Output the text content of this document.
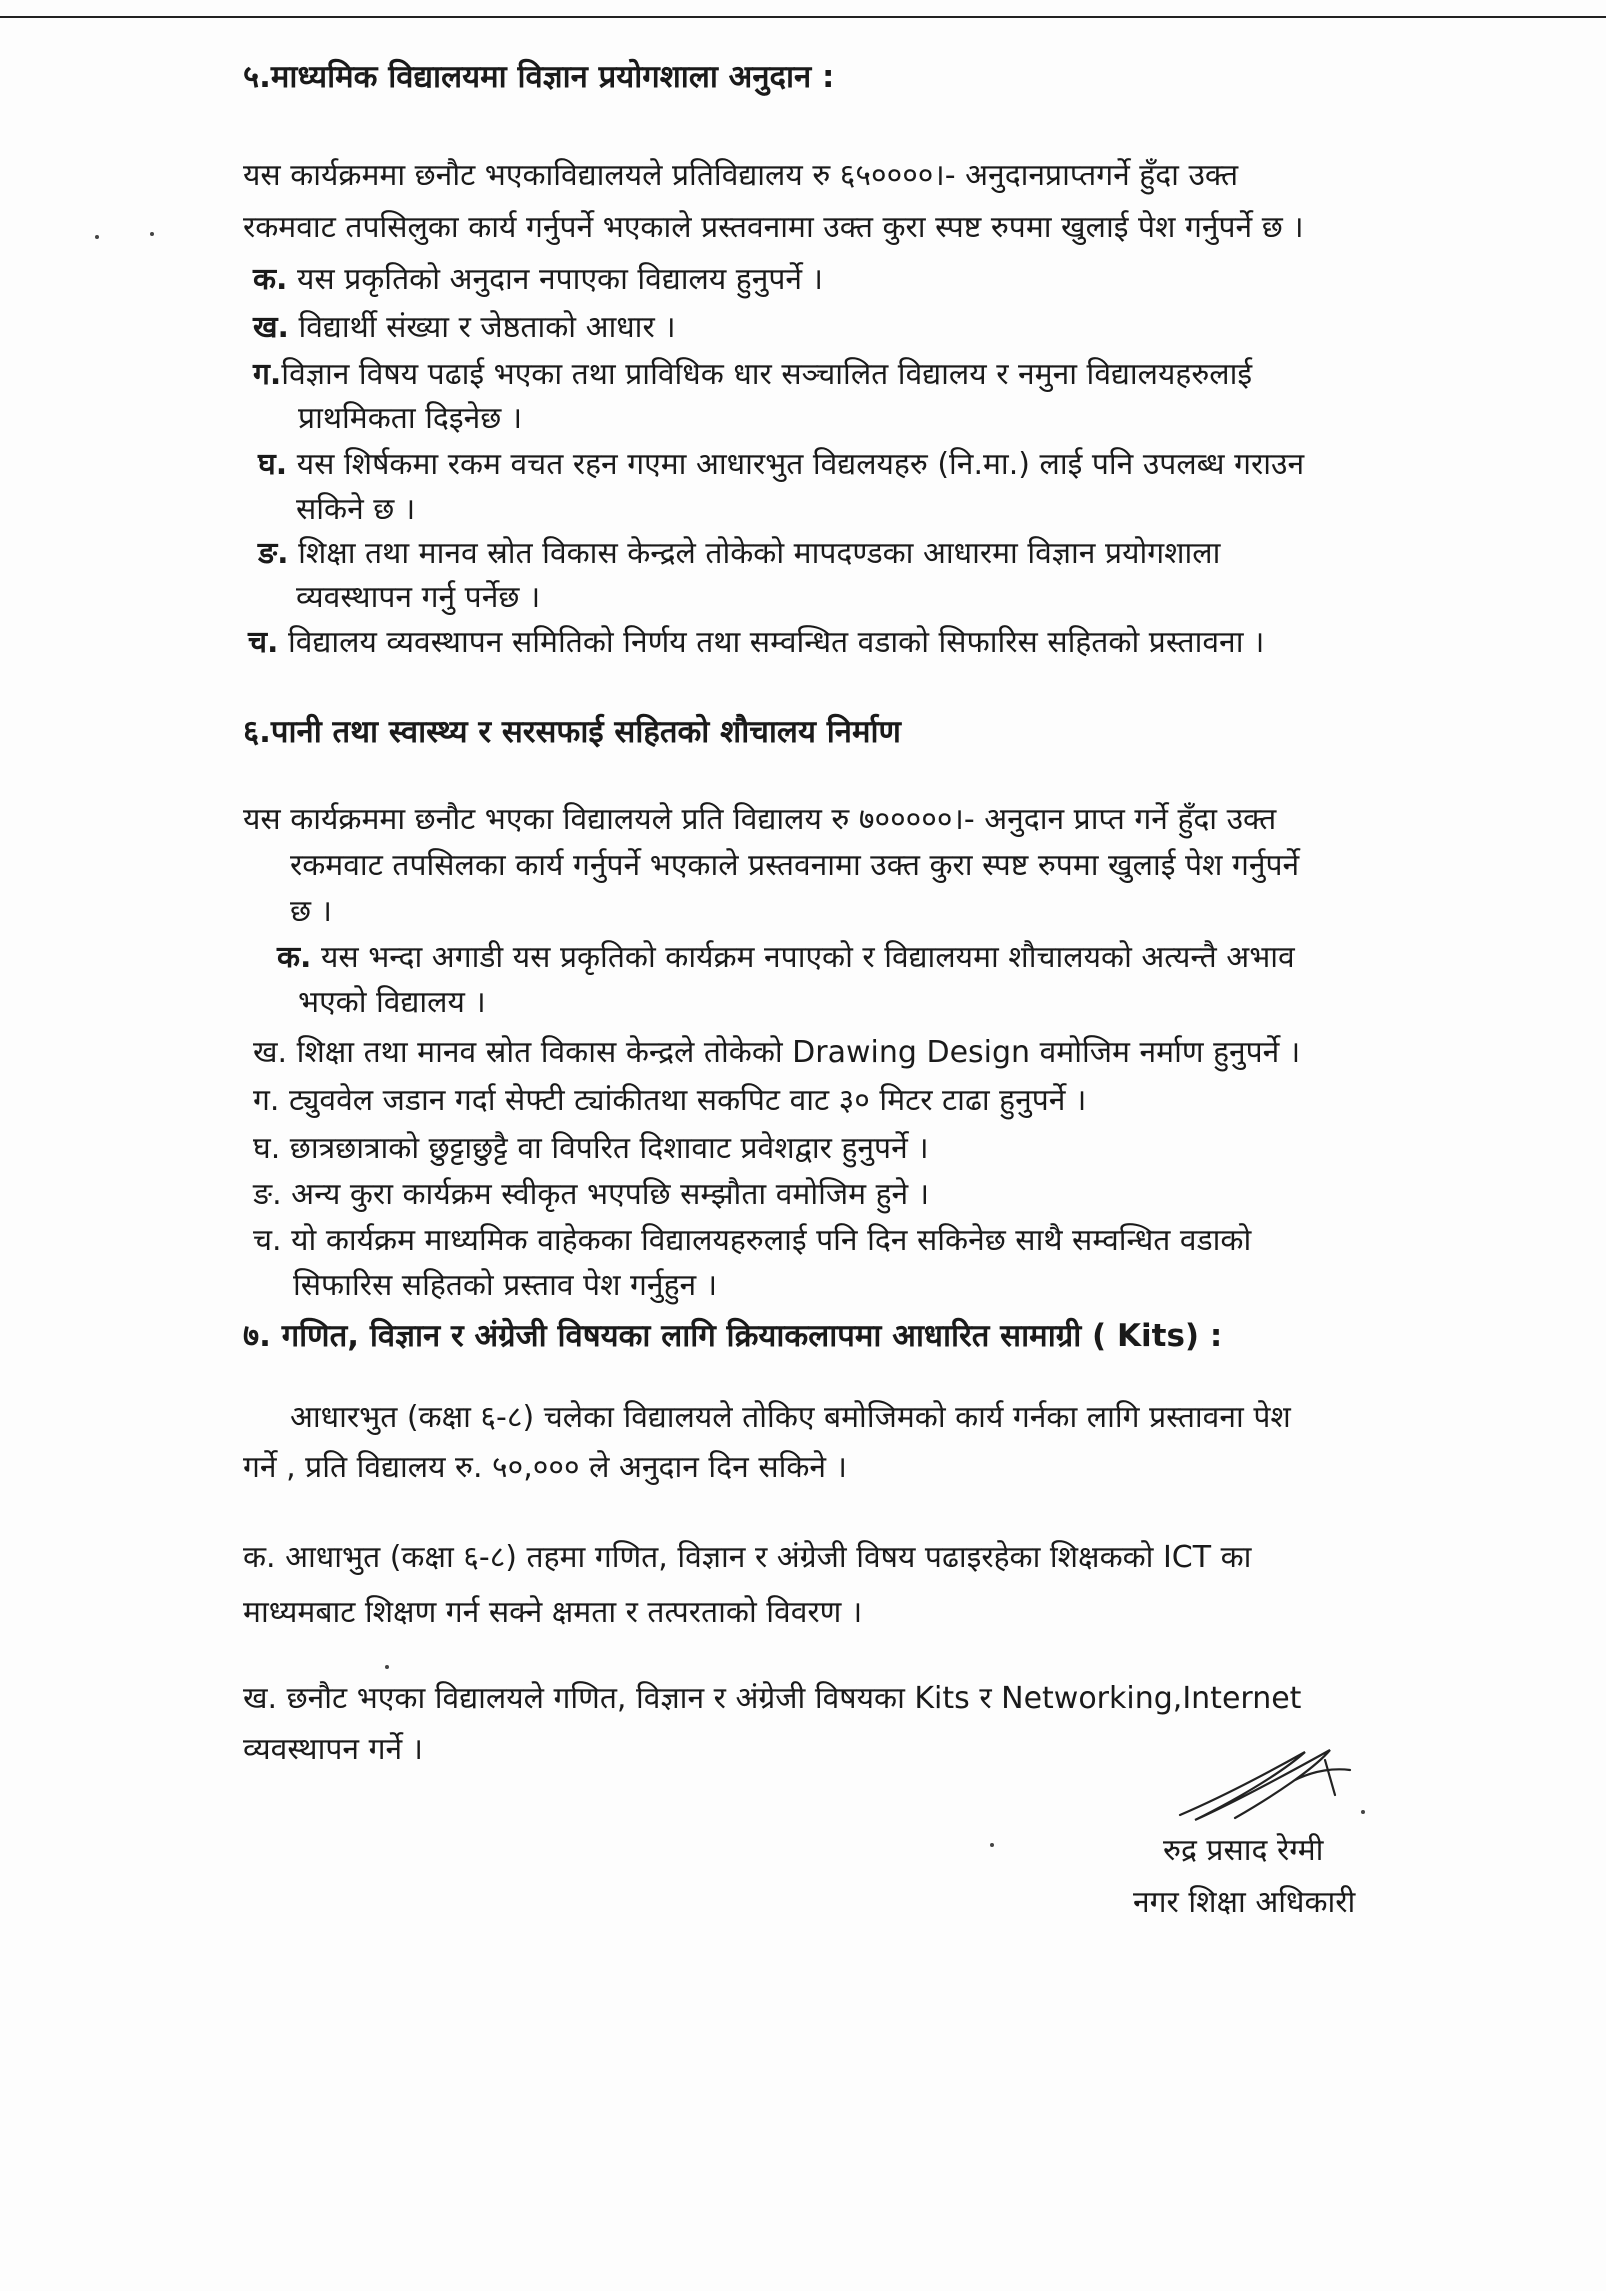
५.माध्यमिक विद्यालयमा विज्ञान प्रयोगशाला अनुदान :
यस कार्यक्रममा छनौट भएकाविद्यालयले प्रतिविद्यालय रु ६५००००।- अनुदानप्राप्तगर्ने हुँदा उक्त
रकमवाट तपसिलुका कार्य गर्नुपर्ने भएकाले प्रस्तवनामा उक्त कुरा स्पष्ट रुपमा खुलाई पेश गर्नुपर्ने छ ।
क. यस प्रकृतिको अनुदान नपाएका विद्यालय हुनुपर्ने ।
ख. विद्यार्थी संख्या र जेष्ठताको आधार ।
ग.विज्ञान विषय पढाई भएका तथा प्राविधिक धार सञ्चालित विद्यालय र नमुना विद्यालयहरुलाई
प्राथमिकता दिइनेछ ।
घ. यस शिर्षकमा रकम वचत रहन गएमा आधारभुत विद्यलयहरु (नि.मा.) लाई पनि उपलब्ध गराउन
सकिने छ ।
ङ. शिक्षा तथा मानव स्रोत विकास केन्द्रले तोकेको मापदण्डका आधारमा विज्ञान प्रयोगशाला
व्यवस्थापन गर्नु पर्नेछ ।
च. विद्यालय व्यवस्थापन समितिको निर्णय तथा सम्वन्धित वडाको सिफारिस सहितको प्रस्तावना ।
६.पानी तथा स्वास्थ्य र सरसफाई सहितको शौचालय निर्माण
यस कार्यक्रममा छनौट भएका विद्यालयले प्रति विद्यालय रु ७०००००।- अनुदान प्राप्त गर्ने हुँदा उक्त
रकमवाट तपसिलका कार्य गर्नुपर्ने भएकाले प्रस्तवनामा उक्त कुरा स्पष्ट रुपमा खुलाई पेश गर्नुपर्ने
छ ।
क. यस भन्दा अगाडी यस प्रकृतिको कार्यक्रम नपाएको र विद्यालयमा शौचालयको अत्यन्तै अभाव
भएको विद्यालय ।
ख. शिक्षा तथा मानव स्रोत विकास केन्द्रले तोकेको Drawing Design वमोजिम नर्माण हुनुपर्ने ।
ग. ट्युववेल जडान गर्दा सेफ्टी ट्यांकीतथा सकपिट वाट ३० मिटर टाढा हुनुपर्ने ।
घ. छात्रछात्राको छुट्टाछुट्टै वा विपरित दिशावाट प्रवेशद्वार हुनुपर्ने ।
ङ. अन्य कुरा कार्यक्रम स्वीकृत भएपछि सम्झौता वमोजिम हुने ।
च. यो कार्यक्रम माध्यमिक वाहेकका विद्यालयहरुलाई पनि दिन सकिनेछ साथै सम्वन्धित वडाको
सिफारिस सहितको प्रस्ताव पेश गर्नुहुन ।
७. गणित, विज्ञान र अंग्रेजी विषयका लागि क्रियाकलापमा आधारित सामाग्री ( Kits) :
आधारभुत (कक्षा ६-८) चलेका विद्यालयले तोकिए बमोजिमको कार्य गर्नका लागि प्रस्तावना पेश
गर्ने , प्रति विद्यालय रु. ५०,००० ले अनुदान दिन सकिने ।
क. आधाभुत (कक्षा ६-८) तहमा गणित, विज्ञान र अंग्रेजी विषय पढाइरहेका शिक्षकको ICT का
माध्यमबाट शिक्षण गर्न सक्ने क्षमता र तत्परताको विवरण ।
ख. छनौट भएका विद्यालयले गणित, विज्ञान र अंग्रेजी विषयका Kits र Networking,Internet
व्यवस्थापन गर्ने ।
रुद्र प्रसाद रेग्मी
नगर शिक्षा अधिकारी
